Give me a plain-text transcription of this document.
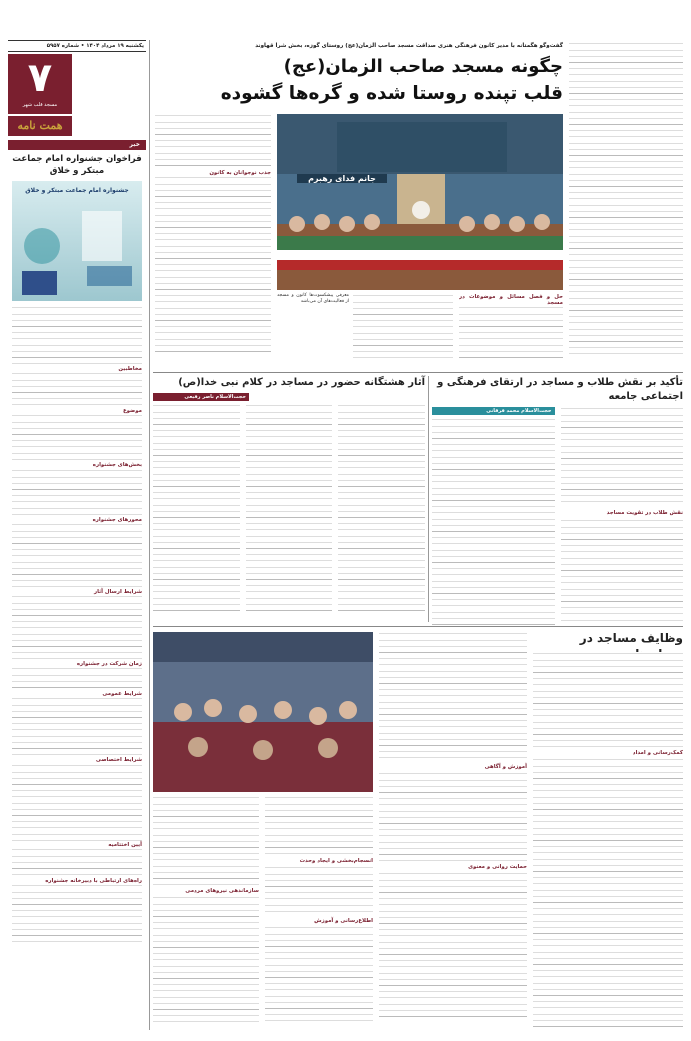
یکشنبه ۱۹ مرداد ۱۴۰۴ • شماره ۵۹۵۷
۷
مسجد قلب شهر
همت نامه
خبر
فراخوان جشنواره امام جماعت مبتکر و خلاق
جشنواره امام جماعت مبتکر و خلاق
مخاطبین
موضوع
بخش‌های جشنواره
محورهای جشنواره
شرایط ارسال آثار
زمان شرکت در جشنواره
شرایط عمومی
شرایط اختصاصی
آیین اختتامیه
راه‌های ارتباطی با دبیرخانه جشنواره
گفت‌وگو هگمتانه با مدیر کانون فرهنگی هنری صداقت مسجد صاحب الزمان(عج) روستای گوزه، بخش شرا قهاوند
چگونه مسجد صاحب الزمان(عج)
قلب تپنده روستا شده و گره‌ها گشوده
جانم فدای رهبرم
معرفی پیشکسوت‌ها کانون و مسجد از فعالیت‌های آن می‌باشد
حل و فصل مسائل و موضوعات در مسجد
جذب نوجوانان به کانون
تأکید بر نقش طلاب و مساجد در ارتقای فرهنگی و اجتماعی جامعه
نقش طلاب در تقویت مساجد
حجت‌الاسلام محمد فرقانی
آثار هشتگانه حضور در مساجد در کلام نبی خدا(ص)
حجت‌الاسلام ناصر رفیعی
وظایف مساجد در
کمک‌رسانی و امداد
آموزش و آگاهی
حمایت روانی و معنوی
انسجام‌بخشی و ایجاد وحدت
اطلاع‌رسانی و آموزش
سازماندهی نیروهای مردمی
